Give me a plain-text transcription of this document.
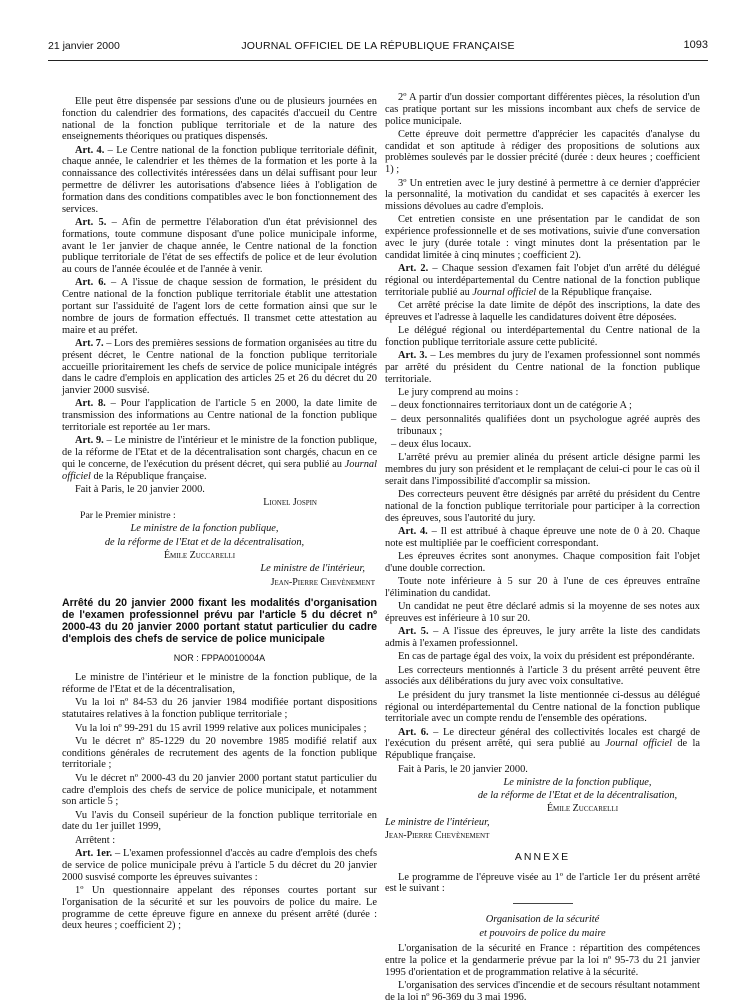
21 janvier 2000	JOURNAL OFFICIEL DE LA RÉPUBLIQUE FRANÇAISE	1093

Elle peut être dispensée par sessions d'une ou de plusieurs journées en fonction du calendrier des formations, des capacités d'accueil du Centre national de la fonction publique territoriale et de la nature des enseignements théoriques ou pratiques dispensés.

Art. 4. – Le Centre national de la fonction publique territoriale définit, chaque année, le calendrier et les thèmes de la formation et les porte à la connaissance des collectivités intéressées dans un délai suffisant pour leur permettre de délivrer les autorisations d'absence liées à l'obligation de formation dans des conditions compatibles avec le bon fonctionnement des services.

Art. 5. – Afin de permettre l'élaboration d'un état prévisionnel des formations, toute commune disposant d'une police municipale informe, avant le 1er janvier de chaque année, le Centre national de la fonction publique territoriale de l'état de ses effectifs de police et de leur évolution au cours de l'année écoulée et de l'année à venir.

Art. 6. – A l'issue de chaque session de formation, le président du Centre national de la fonction publique territoriale établit une attestation portant sur l'assiduité de l'agent lors de cette formation ainsi que sur le nombre de jours de formation effectués. Il transmet cette attestation au maire et au préfet.

Art. 7. – Lors des premières sessions de formation organisées au titre du présent décret, le Centre national de la fonction publique territoriale accueille prioritairement les chefs de service de police municipale intégrés dans le cadre d'emplois en application des articles 25 et 26 du décret du 20 janvier 2000 susvisé.

Art. 8. – Pour l'application de l'article 5 en 2000, la date limite de transmission des informations au Centre national de la fonction publique territoriale est reportée au 1er mars.

Art. 9. – Le ministre de l'intérieur et le ministre de la fonction publique, de la réforme de l'Etat et de la décentralisation sont chargés, chacun en ce qui le concerne, de l'exécution du présent décret, qui sera publié au Journal officiel de la République française.

Fait à Paris, le 20 janvier 2000.

Lionel Jospin

Par le Premier ministre :

Le ministre de la fonction publique,

de la réforme de l'Etat et de la décentralisation,

Émile Zuccarelli

Le ministre de l'intérieur,

Jean-Pierre Chevènement
Arrêté du 20 janvier 2000 fixant les modalités d'organisation de l'examen professionnel prévu par l'article 5 du décret nº 2000-43 du 20 janvier 2000 portant statut particulier du cadre d'emplois des chefs de service de police municipale
NOR : FPPA0010004A

Le ministre de l'intérieur et le ministre de la fonction publique, de la réforme de l'Etat et de la décentralisation,

Vu la loi nº 84-53 du 26 janvier 1984 modifiée portant dispositions statutaires relatives à la fonction publique territoriale ;

Vu la loi nº 99-291 du 15 avril 1999 relative aux polices municipales ;

Vu le décret nº 85-1229 du 20 novembre 1985 modifié relatif aux conditions générales de recrutement des agents de la fonction publique territoriale ;

Vu le décret nº 2000-43 du 20 janvier 2000 portant statut particulier du cadre d'emplois des chefs de service de police municipale, et notamment son article 5 ;

Vu l'avis du Conseil supérieur de la fonction publique territoriale en date du 1er juillet 1999,

Arrêtent :

Art. 1er. – L'examen professionnel d'accès au cadre d'emplois des chefs de service de police municipale prévu à l'article 5 du décret du 20 janvier 2000 susvisé comporte les épreuves suivantes :

1º Un questionnaire appelant des réponses courtes portant sur l'organisation de la sécurité et sur les pouvoirs de police du maire. Le programme de cette épreuve figure en annexe du présent arrêté (durée : deux heures ; coefficient 2) ;

2º A partir d'un dossier comportant différentes pièces, la résolution d'un cas pratique portant sur les missions incombant aux chefs de service de police municipale.

Cette épreuve doit permettre d'apprécier les capacités d'analyse du candidat et son aptitude à rédiger des propositions de solutions aux problèmes soulevés par le dossier précité (durée : deux heures ; coefficient 1) ;

3º Un entretien avec le jury destiné à permettre à ce dernier d'apprécier la personnalité, la motivation du candidat et ses capacités à exercer les missions dévolues au cadre d'emplois.

Cet entretien consiste en une présentation par le candidat de son expérience professionnelle et de ses motivations, suivie d'une conversation avec le jury (durée totale : vingt minutes dont la présentation par le candidat limitée à cinq minutes ; coefficient 2).

Art. 2. – Chaque session d'examen fait l'objet d'un arrêté du délégué régional ou interdépartemental du Centre national de la fonction publique territoriale publié au Journal officiel de la République française.

Cet arrêté précise la date limite de dépôt des inscriptions, la date des épreuves et l'adresse à laquelle les candidatures doivent être déposées.

Le délégué régional ou interdépartemental du Centre national de la fonction publique territoriale assure cette publicité.

Art. 3. – Les membres du jury de l'examen professionnel sont nommés par arrêté du président du Centre national de la fonction publique territoriale.

Le jury comprend au moins :

– deux fonctionnaires territoriaux dont un de catégorie A ;

– deux personnalités qualifiées dont un psychologue agréé auprès des tribunaux ;

– deux élus locaux.

L'arrêté prévu au premier alinéa du présent article désigne parmi les membres du jury son président et le remplaçant de celui-ci pour le cas où il serait dans l'impossibilité d'accomplir sa mission.

Des correcteurs peuvent être désignés par arrêté du président du Centre national de la fonction publique territoriale pour participer à la correction des épreuves, sous l'autorité du jury.

Art. 4. – Il est attribué à chaque épreuve une note de 0 à 20. Chaque note est multipliée par le coefficient correspondant.

Les épreuves écrites sont anonymes. Chaque composition fait l'objet d'une double correction.

Toute note inférieure à 5 sur 20 à l'une de ces épreuves entraîne l'élimination du candidat.

Un candidat ne peut être déclaré admis si la moyenne de ses notes aux épreuves est inférieure à 10 sur 20.

Art. 5. – A l'issue des épreuves, le jury arrête la liste des candidats admis à l'examen professionnel.

En cas de partage égal des voix, la voix du président est prépondérante.

Les correcteurs mentionnés à l'article 3 du présent arrêté peuvent être associés aux délibérations du jury avec voix consultative.

Le président du jury transmet la liste mentionnée ci-dessus au délégué régional ou interdépartemental du Centre national de la fonction publique territoriale avec un compte rendu de l'ensemble des opérations.

Art. 6. – Le directeur général des collectivités locales est chargé de l'exécution du présent arrêté, qui sera publié au Journal officiel de la République française.

Fait à Paris, le 20 janvier 2000.

Le ministre de la fonction publique,

de la réforme de l'Etat et de la décentralisation,

Émile Zuccarelli

Le ministre de l'intérieur,

Jean-Pierre Chevènement

ANNEXE

Le programme de l'épreuve visée au 1º de l'article 1er du présent arrêté est le suivant :

Organisation de la sécurité

et pouvoirs de police du maire

L'organisation de la sécurité en France : répartition des compétences entre la police et la gendarmerie prévue par la loi nº 95-73 du 21 janvier 1995 d'orientation et de programmation relative à la sécurité.

L'organisation des services d'incendie et de secours résultant notamment de la loi nº 96-369 du 3 mai 1996.
